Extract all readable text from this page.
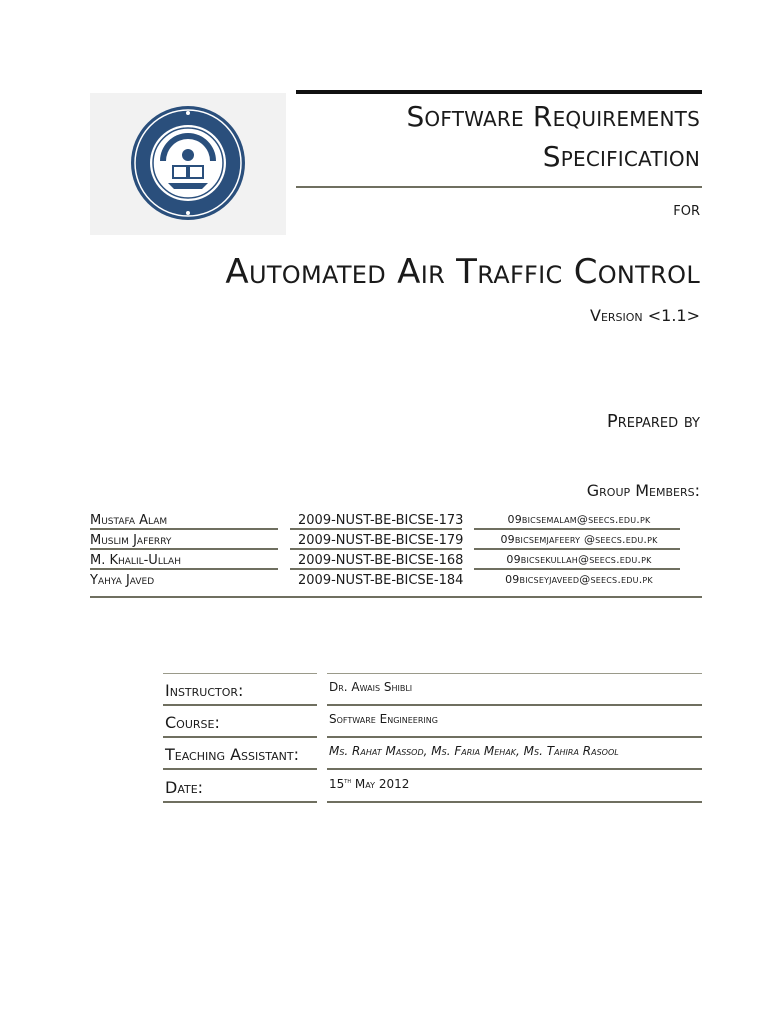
Software Requirements
Specification
for
Automated Air Traffic Control
Version <1.1>
Prepared by
Group Members:
Mustafa Alam	2009-NUST-BE-BICSE-173	09bicsemalam@seecs.edu.pk
Muslim Jaferry	2009-NUST-BE-BICSE-179	09bicsemjafeery @seecs.edu.pk
M. Khalil-Ullah	2009-NUST-BE-BICSE-168	09bicsekullah@seecs.edu.pk
Yahya Javed	2009-NUST-BE-BICSE-184	09bicseyjaveed@seecs.edu.pk
Instructor:	Dr. Awais Shibli
Course:	Software Engineering
Teaching Assistant:	Ms. Rahat Massod, Ms. Faria Mehak, Ms. Tahira Rasool
Date:	15th May 2012
